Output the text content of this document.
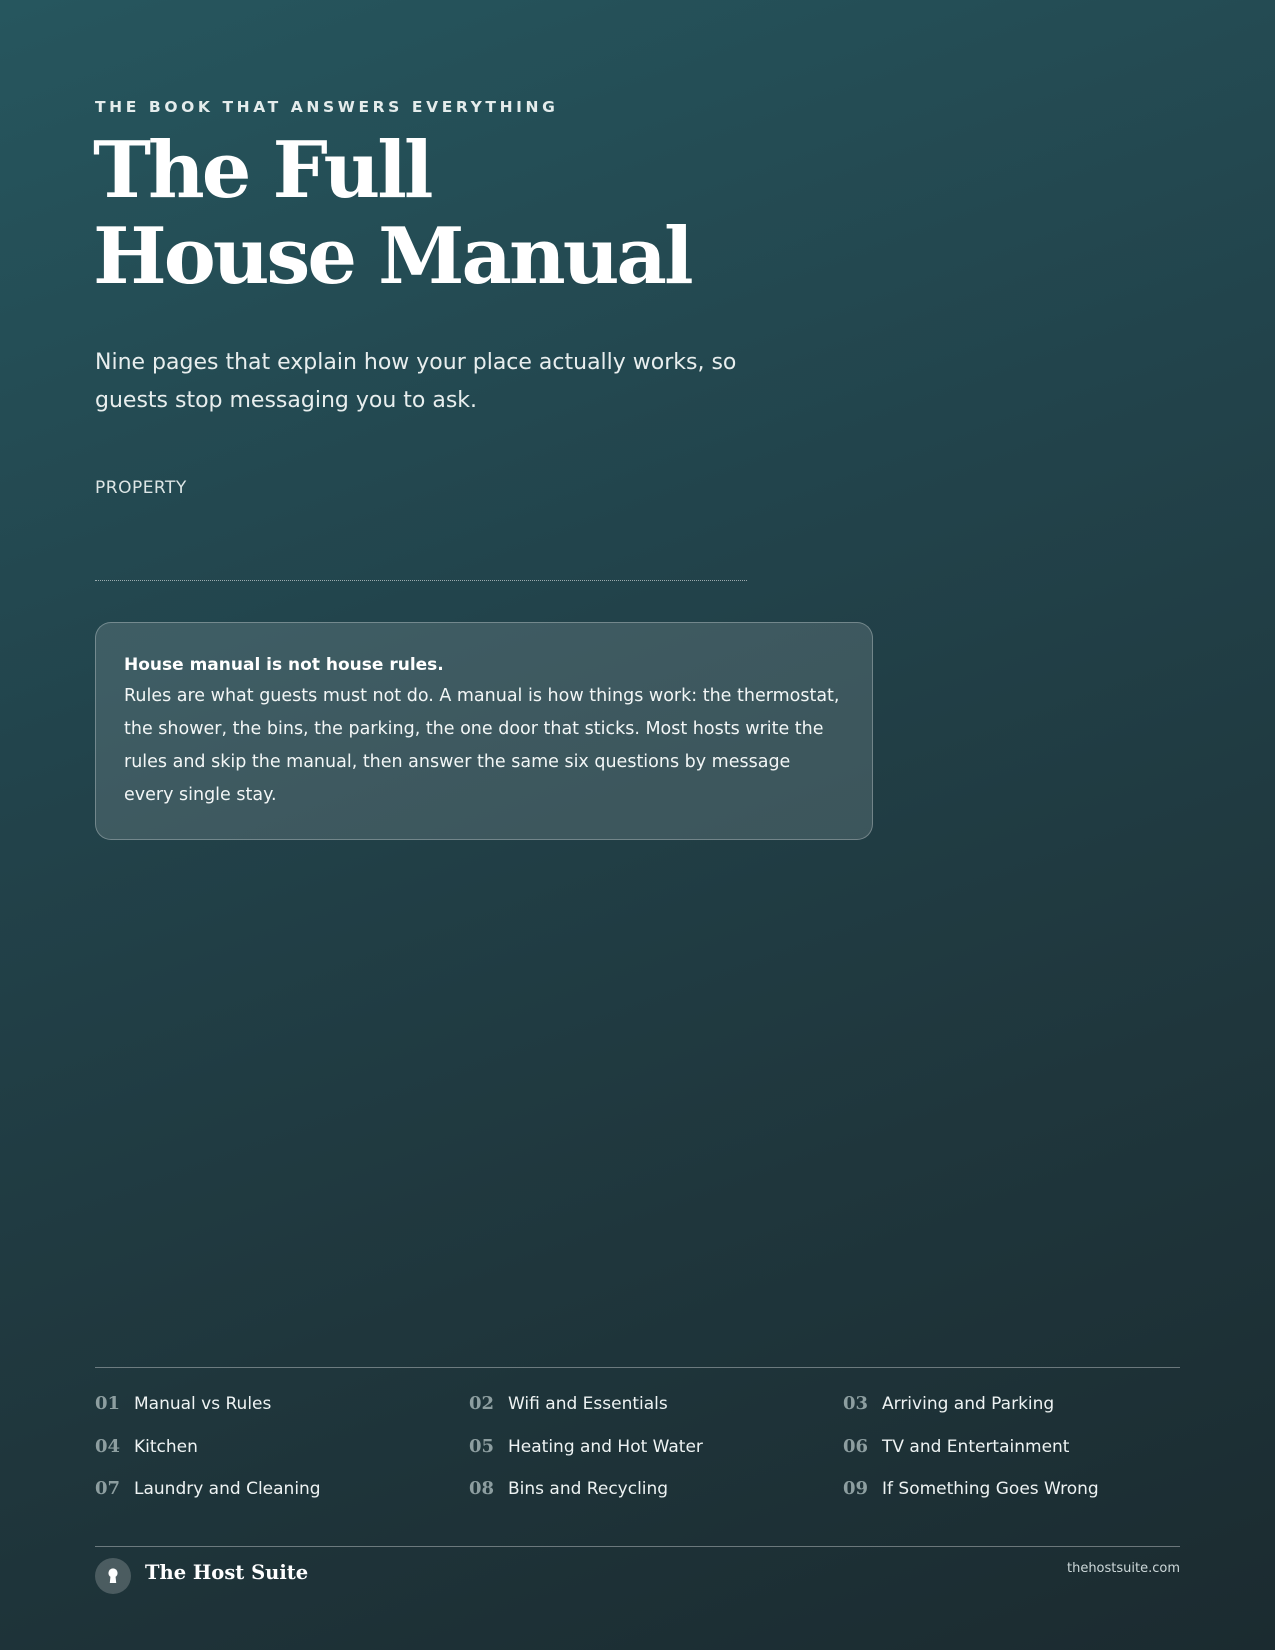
THE BOOK THAT ANSWERS EVERYTHING
The Full
House Manual

Nine pages that explain how your place actually works, so guests stop messaging you to ask.

PROPERTY
House manual is not house rules.
Rules are what guests must not do. A manual is how things work: the thermostat, the shower, the bins, the parking, the one door that sticks. Most hosts write the rules and skip the manual, then answer the same six questions by message every single stay.
01 Manual vs Rules	02 Wifi and Essentials	03 Arriving and Parking
04 Kitchen	05 Heating and Hot Water	06 TV and Entertainment
07 Laundry and Cleaning	08 Bins and Recycling	09 If Something Goes Wrong
The Host Suite	thehostsuite.com
